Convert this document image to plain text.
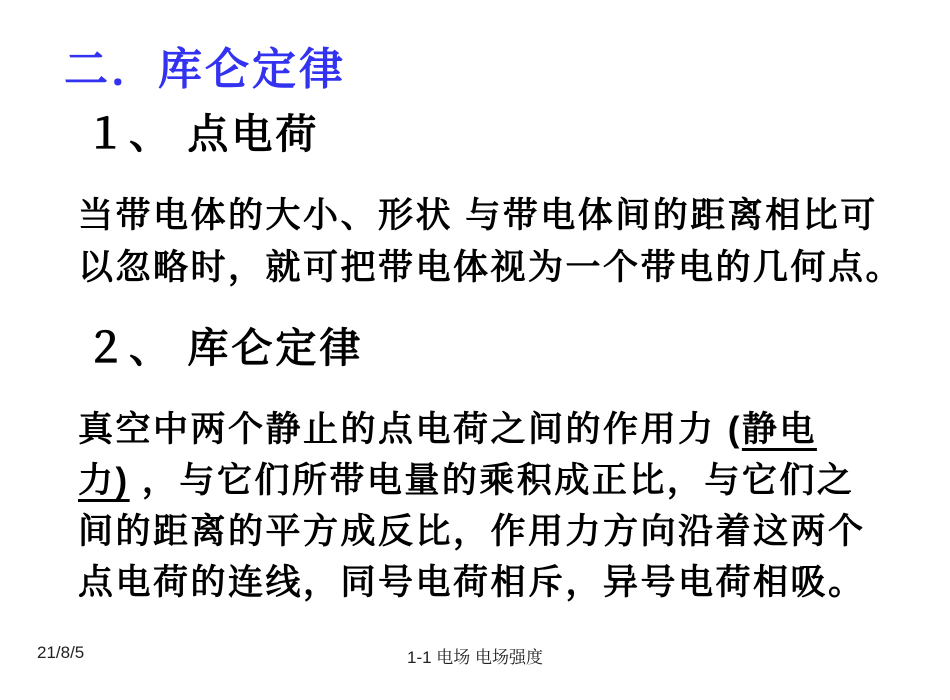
二．库仑定律
１、 点电荷
当带电体的大小、形状 与带电体间的距离相比可
以忽略时，就可把带电体视为一个带电的几何点。
２、 库仑定律
真空中两个静止的点电荷之间的作用力 (静电
力) ，与它们所带电量的乘积成正比，与它们之
间的距离的平方成反比，作用力方向沿着这两个
点电荷的连线，同号电荷相斥，异号电荷相吸。
21/8/5	1-1 电场 电场强度
